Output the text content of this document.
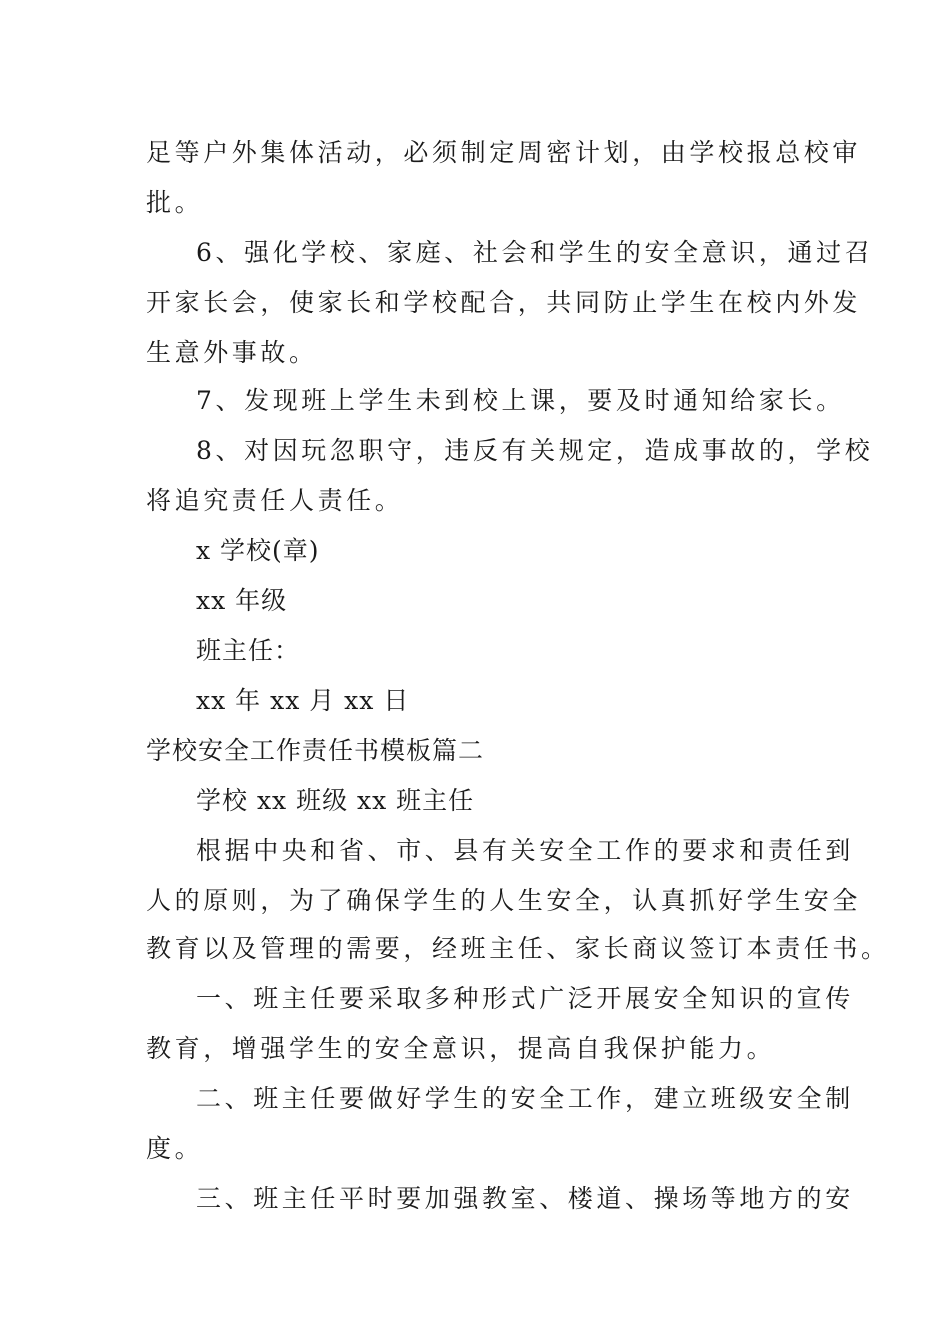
足等户外集体活动，必须制定周密计划，由学校报总校审
批。
6、强化学校、家庭、社会和学生的安全意识，通过召
开家长会，使家长和学校配合，共同防止学生在校内外发
生意外事故。
7、发现班上学生未到校上课，要及时通知给家长。
8、对因玩忽职守，违反有关规定，造成事故的，学校
将追究责任人责任。
x 学校(章)
xx 年级
班主任：
xx 年 xx 月 xx 日
学校安全工作责任书模板篇二
学校 xx 班级 xx 班主任
根据中央和省、市、县有关安全工作的要求和责任到
人的原则，为了确保学生的人生安全，认真抓好学生安全
教育以及管理的需要，经班主任、家长商议签订本责任书。
一、班主任要采取多种形式广泛开展安全知识的宣传
教育，增强学生的安全意识，提高自我保护能力。
二、班主任要做好学生的安全工作，建立班级安全制
度。
三、班主任平时要加强教室、楼道、操场等地方的安
